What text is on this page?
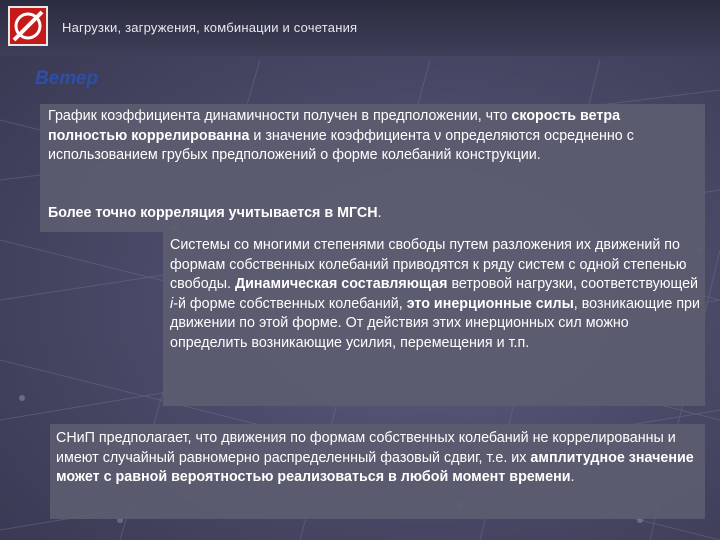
Нагрузки, загружения, комбинации и сочетания
Ветер
График коэффициента динамичности получен в предположении, что скорость ветра полностью коррелированна и значение коэффициента ν определяются осредненно с использованием грубых предположений о форме колебаний конструкции.
Более точно корреляция учитывается в МГСН.
Системы со многими степенями свободы путем разложения их движений по формам собственных колебаний приводятся к ряду систем с одной степенью свободы. Динамическая составляющая ветровой нагрузки, соответствующей i-й форме собственных колебаний, это инерционные силы, возникающие при движении по этой форме. От действия этих инерционных сил можно определить возникающие усилия, перемещения и т.п.
СНиП предполагает, что движения по формам собственных колебаний не коррелированны и имеют случайный равномерно распределенный фазовый сдвиг, т.е. их амплитудное значение может с равной вероятностью реализоваться в любой момент времени.
